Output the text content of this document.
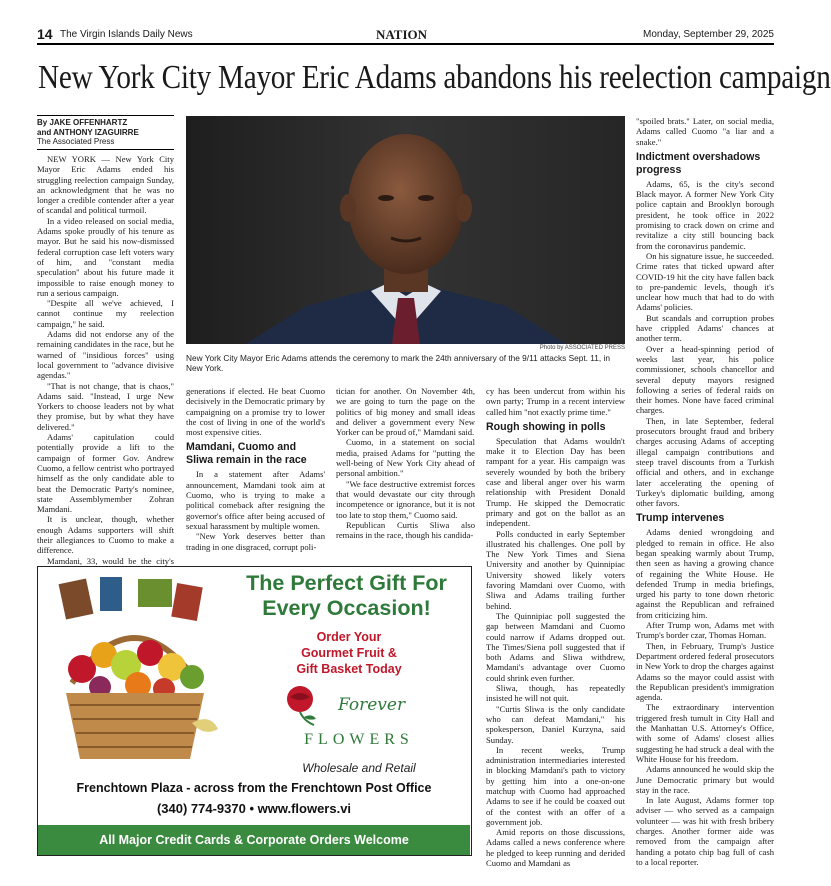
14 The Virgin Islands Daily News	NATION	Monday, September 29, 2025
New York City Mayor Eric Adams abandons his reelection campaign
By JAKE OFFENHARTZ
and ANTHONY IZAGUIRRE
The Associated Press

NEW YORK — New York City Mayor Eric Adams ended his struggling reelection campaign Sunday, an acknowledgment that he was no longer a credible contender after a year of scandal and political turmoil.

In a video released on social media, Adams spoke proudly of his tenure as mayor. But he said his now-dismissed federal corruption case left voters wary of him, and "constant media speculation" about his future made it impossible to raise enough money to run a serious campaign.

"Despite all we've achieved, I cannot continue my reelection campaign," he said.

Adams did not endorse any of the remaining candidates in the race, but he warned of "insidious forces" using local government to "advance divisive agendas."

"That is not change, that is chaos," Adams said. "Instead, I urge New Yorkers to choose leaders not by what they promise, but by what they have delivered."

Adams' capitulation could potentially provide a lift to the campaign of former Gov. Andrew Cuomo, a fellow centrist who portrayed himself as the only candidate able to beat the Democratic Party's nominee, state Assemblymember Zohran Mamdani.

It is unclear, though, whether enough Adams supporters will shift their allegiances to Cuomo to make a difference.

Mamdani, 33, would be the city's

Photo by ASSOCIATED PRESS
New York City Mayor Eric Adams attends the ceremony to mark the 24th anniversary of the 9/11 attacks Sept. 11, in New York.

generations if elected. He beat Cuomo decisively in the Democratic primary by campaigning on a promise try to lower the cost of living in one of the world's most expensive cities.

Mamdani, Cuomo and Sliwa remain in the race

In a statement after Adams' announcement, Mamdani took aim at Cuomo, who is trying to make a political comeback after resigning the governor's office after being accused of sexual harassment by multiple women.

"New York deserves better than trading in one disgraced, corrupt poli-

tician for another. On November 4th, we are going to turn the page on the politics of big money and small ideas and deliver a government every New Yorker can be proud of," Mamdani said.

Cuomo, in a statement on social media, praised Adams for "putting the well-being of New York City ahead of personal ambition."

"We face destructive extremist forces that would devastate our city through incompetence or ignorance, but it is not too late to stop them," Cuomo said.

Republican Curtis Sliwa also remains in the race, though his candida-

cy has been undercut from within his own party; Trump in a recent interview called him "not exactly prime time."

Rough showing in polls

Speculation that Adams wouldn't make it to Election Day has been rampant for a year. His campaign was severely wounded by both the bribery case and liberal anger over his warm relationship with President Donald Trump. He skipped the Democratic primary and got on the ballot as an independent.

Polls conducted in early September illustrated his challenges. One poll by The New York Times and Siena University and another by Quinnipiac University showed likely voters favoring Mamdani over Cuomo, with Sliwa and Adams trailing further behind.

The Quinnipiac poll suggested the gap between Mamdani and Cuomo could narrow if Adams dropped out. The Times/Siena poll suggested that if both Adams and Sliwa withdrew, Mamdani's advantage over Cuomo could shrink even further.

Sliwa, though, has repeatedly insisted he will not quit.

"Curtis Sliwa is the only candidate who can defeat Mamdani," his spokesperson, Daniel Kurzyna, said Sunday.

In recent weeks, Trump administration intermediaries interested in blocking Mamdani's path to victory by getting him into a one-on-one matchup with Cuomo had approached Adams to see if he could be coaxed out of the contest with an offer of a government job.

Amid reports on those discussions, Adams called a news conference where he pledged to keep running and derided Cuomo and Mamdani as

"spoiled brats." Later, on social media, Adams called Cuomo "a liar and a snake."

Indictment overshadows progress

Adams, 65, is the city's second Black mayor. A former New York City police captain and Brooklyn borough president, he took office in 2022 promising to crack down on crime and revitalize a city still bouncing back from the coronavirus pandemic.

On his signature issue, he succeeded. Crime rates that ticked upward after COVID-19 hit the city have fallen back to pre-pandemic levels, though it's unclear how much that had to do with Adams' policies.

But scandals and corruption probes have crippled Adams' chances at another term.

Over a head-spinning period of weeks last year, his police commissioner, schools chancellor and several deputy mayors resigned following a series of federal raids on their homes. None have faced criminal charges.

Then, in late September, federal prosecutors brought fraud and bribery charges accusing Adams of accepting illegal campaign contributions and steep travel discounts from a Turkish official and others, and in exchange later accelerating the opening of Turkey's diplomatic building, among other favors.

Trump intervenes

Adams denied wrongdoing and pledged to remain in office. He also began speaking warmly about Trump, then seen as having a growing chance of regaining the White House. He defended Trump in media briefings, urged his party to tone down rhetoric against the Republican and refrained from criticizing him.

After Trump won, Adams met with Trump's border czar, Thomas Homan.

Then, in February, Trump's Justice Department ordered federal prosecutors in New York to drop the charges against Adams so the mayor could assist with the Republican president's immigration agenda.

The extraordinary intervention triggered fresh tumult in City Hall and the Manhattan U.S. Attorney's Office, with some of Adams' closest allies suggesting he had struck a deal with the White House for his freedom.

Adams announced he would skip the June Democratic primary but would stay in the race.

In late August, Adams former top adviser — who served as a campaign volunteer — was hit with fresh bribery charges. Another former aide was removed from the campaign after handing a potato chip bag full of cash to a local reporter.

The Perfect Gift For
Every Occasion!
Order Your
Gourmet Fruit &
Gift Basket Today
Forever
FLOWERS
Wholesale and Retail
Frenchtown Plaza - across from the Frenchtown Post Office
(340) 774-9370 • www.flowers.vi
All Major Credit Cards & Corporate Orders Welcome
